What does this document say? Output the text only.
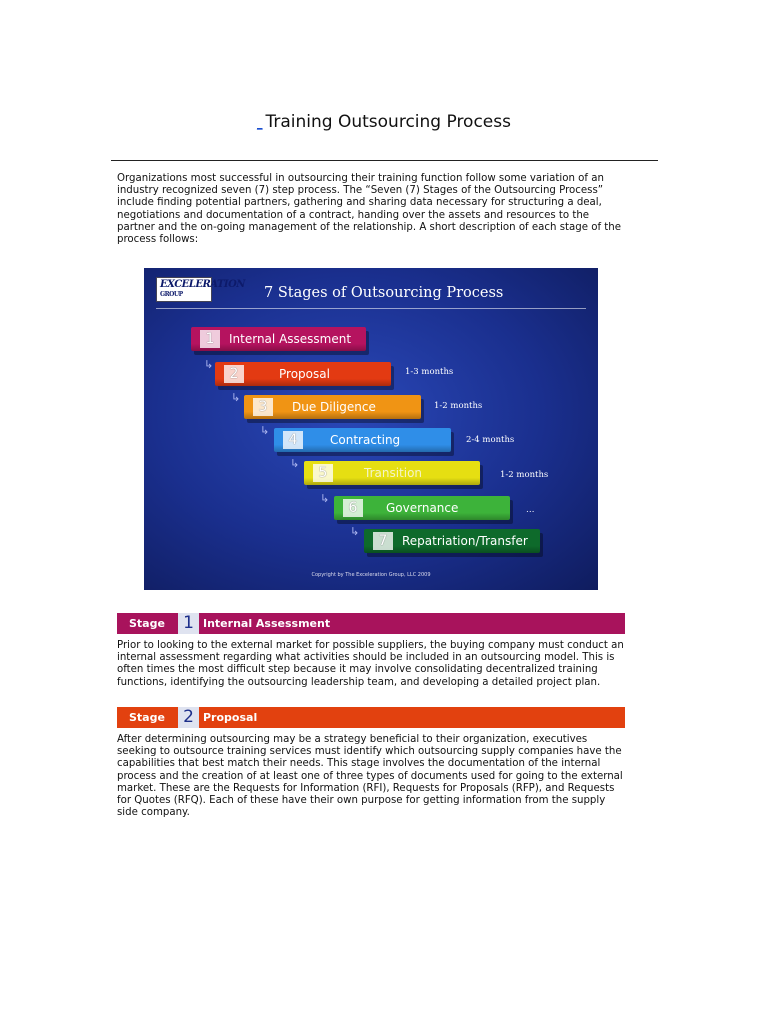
_ Training Outsourcing Process
Organizations most successful in outsourcing their training function follow some variation of an industry recognized seven (7) step process. The “Seven (7) Stages of the Outsourcing Process” include finding potential partners, gathering and sharing data necessary for structuring a deal, negotiations and documentation of a contract, handing over the assets and resources to the partner and the on-going management of the relationship. A short description of each stage of the process follows:
EXCELERATION
GROUP	7 Stages of Outsourcing Process
1	Internal Assessment
2	Proposal
3	Due Diligence
4	Contracting
5	Transition
6	Governance
7	Repatriation/Transfer
↳
↳
↳
↳
↳
↳
1-3 months
1-2 months
2-4 months
1-2 months
…
Copyright by The Exceleration Group, LLC 2009
Stage 1 Internal Assessment
Prior to looking to the external market for possible suppliers, the buying company must conduct an internal assessment regarding what activities should be included in an outsourcing model. This is often times the most difficult step because it may involve consolidating decentralized training functions, identifying the outsourcing leadership team, and developing a detailed project plan.
Stage 2 Proposal
After determining outsourcing may be a strategy beneficial to their organization, executives seeking to outsource training services must identify which outsourcing supply companies have the capabilities that best match their needs. This stage involves the documentation of the internal process and the creation of at least one of three types of documents used for going to the external market. These are the Requests for Information (RFI), Requests for Proposals (RFP), and Requests for Quotes (RFQ). Each of these have their own purpose for getting information from the supply side company.
